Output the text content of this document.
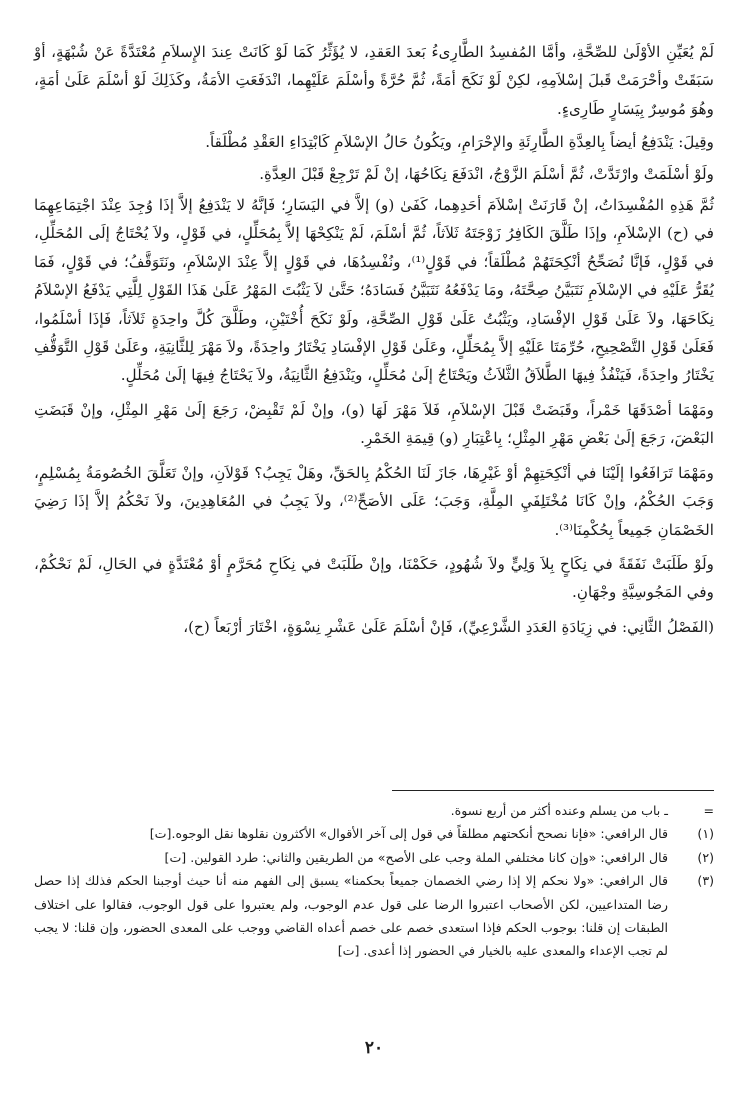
لَمْ يُعَيِّنِ الأوْلَىٰ للصِّحَّةِ، وأمَّا المُفسِدُ الطَّارِىءُ بَعدَ العَقدِ، لا يُؤَثِّرُ كَمَا لَوْ كَانَتْ عِندَ الإِسلاَمِ مُعْتَدَّةً عَنْ شُبْهَةٍ، أوْ سَبَقَتْ وأحْرَمَتْ قَبلَ إسْلاَمِهِ، لكِنْ لَوْ نَكَحَ أمَةً، ثُمَّ حُرَّةً وأسْلَمَ عَلَيْهِما، انْدَفَعَتِ الأمَةُ، وكَذَلِكَ لَوْ أسْلَمَ عَلَىٰ أمَةٍ، وهُوَ مُوسِرٌ بِيَسَارٍ طَارِىءٍ.

وقِيلَ: يَنْدَفِعُ أيضاً بِالعِدَّةِ الطَّارِئَةِ والإحْرَامِ، ويَكُونُ حَالُ الإسْلاَمِ كَابْتِدَاءِ العَقْدِ مُطْلَقاً.

ولَوْ أسْلَمَتْ وارْتَدَّتْ، ثُمَّ أسْلَمَ الزَّوْجُ، انْدَفَعَ نِكَاحُهَا، إنْ لَمْ تَرْجِعْ قَبْلَ العِدَّةِ.

ثُمَّ هَذِهِ المُفْسِدَاتُ، إنْ قَارَنَتْ إسْلاَمَ أحَدِهِما، كَفَىٰ (و) إلاَّ في اليَسَارِ؛ فَإنَّهُ لا يَنْدَفِعُ إلاَّ إذَا وُجِدَ عِنْدَ اجْتِمَاعِهِمَا في (ح) الإسْلاَمِ، وإذَا طَلَّقَ الكَافِرُ زَوْجَتَهُ ثَلاَثاً، ثُمَّ أسْلَمَ، لَمْ يَنْكِحْهَا إلاَّ بِمُحَلِّلٍ، في قَوْلٍ، ولاَ يُحْتَاجُ إلَى المُحَلِّلِ، في قَوْلٍ، فَإنَّا نُصَحِّحُ أنْكِحَتَهُمْ مُطْلَقاً؛ في قَوْلٍ⁽¹⁾، ونُفْسِدُهَا، في قَوْلٍ إلاَّ عِنْدَ الإسْلاَمِ، ونَتَوَقَّفُ؛ في قَوْلٍ، فَمَا يُقَرُّ عَلَيْهِ في الإسْلاَمِ نَتَبَيَّنُ صِحَّتَهُ، ومَا يَدْفَعُهُ نَتَبَيَّنُ فَسَادَهُ؛ حَتَّىٰ لاَ يَثْبُتَ المَهْرُ عَلَىٰ هَذَا القَوْلِ لِلَّتِي يَدْفَعُ الإسْلاَمُ نِكَاحَهَا، ولاَ عَلَىٰ قَوْلِ الإفْسَادِ، ويَثْبُتُ عَلَىٰ قَوْلِ الصِّحَّةِ، ولَوْ نَكَحَ أُخْتَيْنِ، وطَلَّقَ كُلَّ واحِدَةٍ ثَلاَثاً، فَإذَا أسْلَمُوا، فَعَلَىٰ قَوْلِ التَّصْحِيحِ، حُرِّمَتَا عَلَيْهِ إلاَّ بِمُحَلِّلٍ، وعَلَىٰ قَوْلِ الإفْسَادِ يَخْتَارُ واحِدَةً، ولاَ مَهْرَ لِلثَّانِيَةِ، وعَلَىٰ قَوْلِ التَّوَقُّفِ يَخْتَارُ واحِدَةً، فَيَنْفُذُ فِيهَا الطَّلاَقُ الثَّلاَثُ ويَحْتَاجُ إلَىٰ مُحَلِّلٍ، ويَنْدَفِعُ الثَّانِيَةُ، ولاَ يَحْتَاجُ فِيهَا إلَىٰ مُحَلِّلٍ.

ومَهْمَا أصْدَقَهَا خَمْراً، وقَبَضَتْ قَبْلَ الإسْلاَمِ، فَلاَ مَهْرَ لَهَا (و)، وإنْ لَمْ تَقْبِضْ، رَجَعَ إلَىٰ مَهْرِ المِثْلِ، وإنْ قَبَضَتِ البَعْضَ، رَجَعَ إلَىٰ بَعْضِ مَهْرِ المِثْلِ؛ بِاعْتِبَارِ (و) قِيمَةِ الخَمْرِ.

ومَهْمَا تَرَافَعُوا إلَيْنَا في أنْكِحَتِهِمْ أوْ غَيْرِهَا، جَازَ لَنَا الحُكْمُ بِالحَقِّ، وهَلْ يَجِبُ؟ قَوْلاَنِ، وإنْ تَعَلَّقَ الخُصُومَةُ بِمُسْلِمٍ، وَجَبَ الحُكْمُ، وإنْ كَانَا مُخْتَلِفَيِ المِلَّةِ، وَجَبَ؛ عَلَى الأصَحِّ⁽²⁾، ولاَ يَجِبُ في المُعَاهِدِينَ، ولاَ نَحْكُمُ إلاَّ إذَا رَضِيَ الخَصْمَانِ جَمِيعاً بِحُكْمِنَا⁽³⁾.

ولَوْ طَلَبَتْ نَفَقَةً في نِكَاحٍ بِلاَ وَلِيٍّ ولاَ شُهُودٍ، حَكَمْنَا، وإنْ طَلَبَتْ في نِكَاحِ مُحَرَّمٍ أوْ مُعْتَدَّةٍ في الحَالِ، لَمْ نَحْكُمْ، وفي المَجُوسِيَّةِ وجْهَانِ.

(الفَصْلُ الثَّانِي: في زِيَادَةِ العَدَدِ الشَّرْعِيِّ)، فَإنْ أسْلَمَ عَلَىٰ عَشْرِ نِسْوَةٍ، اخْتَارَ أرْبَعاً (ح)،

=
ـ باب من يسلم وعنده أكثر من أربع نسوة.
(١)
قال الرافعي: «فإنا نصحح أنكحتهم مطلقاً في قول إلى آخر الأقوال» الأكثرون نقلوها نقل الوجوه.[ت]
(٢)
قال الرافعي: «وإن كانا مختلفي الملة وجب على الأصح» من الطريقين والثاني: طرد القولين. [ت]
(٣)
قال الرافعي: «ولا نحكم إلا إذا رضي الخصمان جميعاً بحكمنا» يسبق إلى الفهم منه أنا حيث أوجبنا الحكم فذلك إذا حصل رضا المتداعيين، لكن الأصحاب اعتبروا الرضا على قول عدم الوجوب، ولم يعتبروا على قول الوجوب، فقالوا على اختلاف الطبقات إن قلنا: بوجوب الحكم فإذا استعدى خصم على خصم أعداه القاضي ووجب على المعدى الحضور، وإن قلنا: لا يجب لم تجب الإعداء والمعدى عليه بالخيار في الحضور إذا أعدى. [ت]
٢٠
